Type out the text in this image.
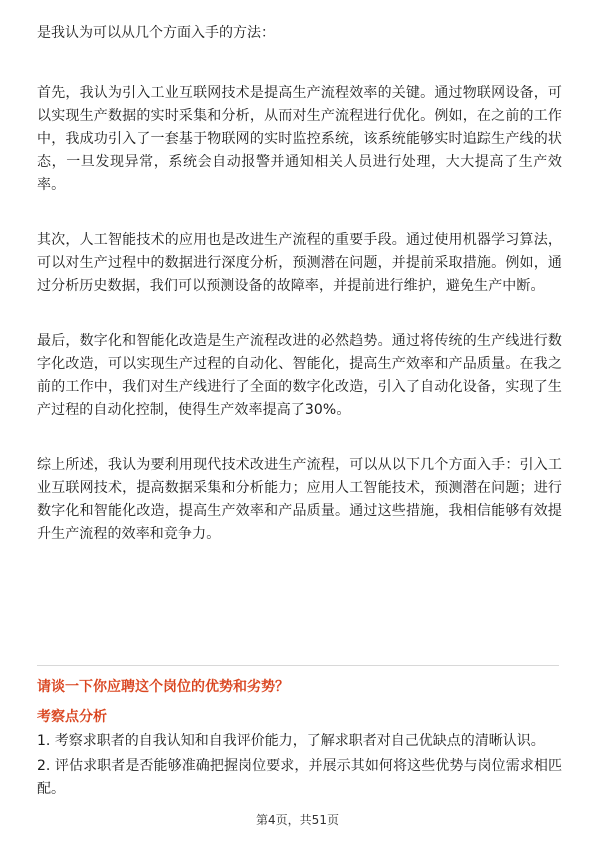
是我认为可以从几个方面入手的方法：

首先，我认为引入工业互联网技术是提高生产流程效率的关键。通过物联网设备，可以实现生产数据的实时采集和分析，从而对生产流程进行优化。例如，在之前的工作中，我成功引入了一套基于物联网的实时监控系统，该系统能够实时追踪生产线的状态，一旦发现异常，系统会自动报警并通知相关人员进行处理，大大提高了生产效率。

其次，人工智能技术的应用也是改进生产流程的重要手段。通过使用机器学习算法，可以对生产过程中的数据进行深度分析，预测潜在问题，并提前采取措施。例如，通过分析历史数据，我们可以预测设备的故障率，并提前进行维护，避免生产中断。

最后，数字化和智能化改造是生产流程改进的必然趋势。通过将传统的生产线进行数字化改造，可以实现生产过程的自动化、智能化，提高生产效率和产品质量。在我之前的工作中，我们对生产线进行了全面的数字化改造，引入了自动化设备，实现了生产过程的自动化控制，使得生产效率提高了30%。

综上所述，我认为要利用现代技术改进生产流程，可以从以下几个方面入手：引入工业互联网技术，提高数据采集和分析能力；应用人工智能技术，预测潜在问题；进行数字化和智能化改造，提高生产效率和产品质量。通过这些措施，我相信能够有效提升生产流程的效率和竞争力。

请谈一下你应聘这个岗位的优势和劣势？

考察点分析

1. 考察求职者的自我认知和自我评价能力，了解求职者对自己优缺点的清晰认识。
2. 评估求职者是否能够准确把握岗位要求，并展示其如何将这些优势与岗位需求相匹配。
第4页，共51页
